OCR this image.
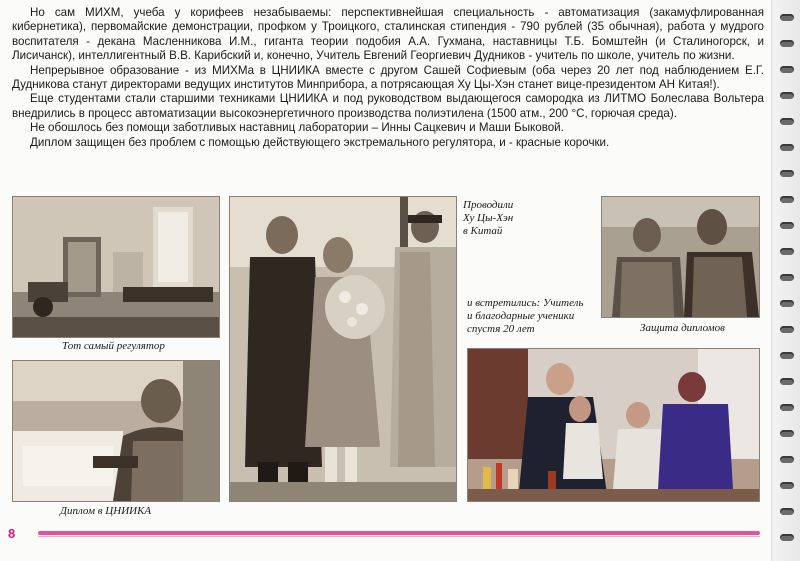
Но сам МИХМ, учеба у корифеев незабываемы: перспективнейшая специальность - автоматизация (закамуфлированная кибернетика), первомайские демонстрации, профком у Троицкого, сталинская стипендия - 790 рублей (35 обычная), работа у мудрого воспитателя - декана Масленникова И.М., гиганта теории подобия А.А. Гухмана, наставницы Т.Б. Бомштейн (и Сталиногорск, и Лисичанск), интеллигентный В.В. Карибский и, конечно, Учитель Евгений Георгиевич Дудников - учитель по школе, учитель по жизни.

Непрерывное образование - из МИХМа в ЦНИИКА вместе с другом Сашей Софиевым (оба через 20 лет под наблюдением Е.Г. Дудникова станут директорами ведущих институтов Минприбора, а потрясающая Ху Цы-Хэн станет вице-президентом АН Китая!).

Еще студентами стали старшими техниками ЦНИИКА и под руководством выдающегося самородка из ЛИТМО Болеслава Вольтера внедрились в процесс автоматизации высокоэнергетичного производства полиэтилена (1500 атм., 200 °С, горючая среда).

Не обошлось без помощи заботливых наставниц лаборатории – Инны Сацкевич и Маши Быковой.

Диплом защищен без проблем с помощью действующего экстремального регулятора, и - красные корочки.

Тот самый регулятор
Диплом в ЦНИИКА
Проводили
Ху Цы-Хэн
в Китай
Защита дипломов
и встретились: Учитель
и благодарные ученики
спустя 20 лет
8
